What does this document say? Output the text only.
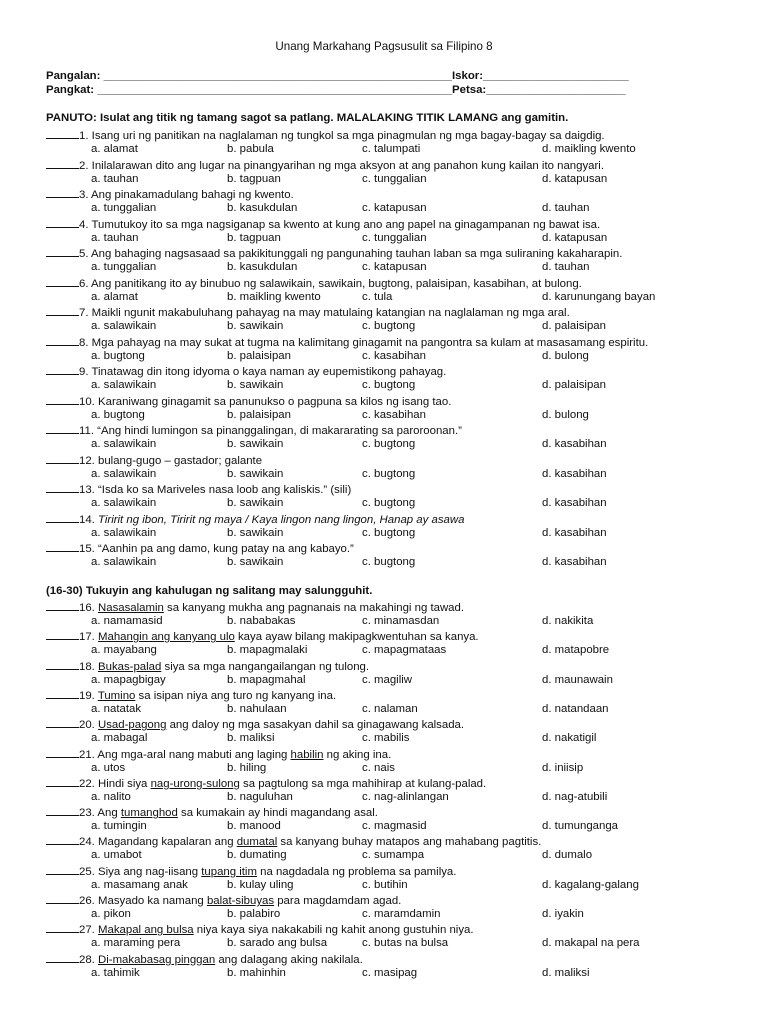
Unang Markahang Pagsusulit sa Filipino 8
Pangalan: _______________________________________________________Iskor:_______________________
Pangkat: ________________________________________________________Petsa:______________________
PANUTO: Isulat ang titik ng tamang sagot sa patlang. MALALAKING TITIK LAMANG ang gamitin.
1. Isang uri ng panitikan na naglalaman ng tungkol sa mga pinagmulan ng mga bagay-bagay sa daigdig.
a. alamat	b. pabula	c. talumpati	d. maikling kwento
2. Inilalarawan dito ang lugar na pinangyarihan ng mga aksyon at ang panahon kung kailan ito nangyari.
a. tauhan	b. tagpuan	c. tunggalian	d. katapusan
3. Ang pinakamadulang bahagi ng kwento.
a. tunggalian	b. kasukdulan	c. katapusan	d. tauhan
4. Tumutukoy ito sa mga nagsiganap sa kwento at kung ano ang papel na ginagampanan ng bawat isa.
a. tauhan	b. tagpuan	c. tunggalian	d. katapusan
5. Ang bahaging nagsasaad sa pakikitunggali ng pangunahing tauhan laban sa mga suliraning kakaharapin.
a. tunggalian	b. kasukdulan	c. katapusan	d. tauhan
6. Ang panitikang ito ay binubuo ng salawikain, sawikain, bugtong, palaisipan, kasabihan, at bulong.
a. alamat	b. maikling kwento	c. tula	d. karunungang bayan
7. Maikli ngunit makabuluhang pahayag na may matulaing katangian na naglalaman ng mga aral.
a. salawikain	b. sawikain	c. bugtong	d. palaisipan
8. Mga pahayag na may sukat at tugma na kalimitang ginagamit na pangontra sa kulam at masasamang espiritu.
a. bugtong	b. palaisipan	c. kasabihan	d. bulong
9. Tinatawag din itong idyoma o kaya naman ay eupemistikong pahayag.
a. salawikain	b. sawikain	c. bugtong	d. palaisipan
10. Karaniwang ginagamit sa panunukso o pagpuna sa kilos ng isang tao.
a. bugtong	b. palaisipan	c. kasabihan	d. bulong
11. “Ang hindi lumingon sa pinanggalingan, di makararating sa paroroonan.”
a. salawikain	b. sawikain	c. bugtong	d. kasabihan
12. bulang-gugo – gastador; galante
a. salawikain	b. sawikain	c. bugtong	d. kasabihan
13. “Isda ko sa Mariveles nasa loob ang kaliskis.” (sili)
a. salawikain	b. sawikain	c. bugtong	d. kasabihan
14. Tiririt ng ibon, Tiririt ng maya / Kaya lingon nang lingon, Hanap ay asawa
a. salawikain	b. sawikain	c. bugtong	d. kasabihan
15. “Aanhin pa ang damo, kung patay na ang kabayo.”
a. salawikain	b. sawikain	c. bugtong	d. kasabihan
(16-30) Tukuyin ang kahulugan ng salitang may salungguhit.
16. Nasasalamin sa kanyang mukha ang pagnanais na makahingi ng tawad.
a. namamasid	b. nababakas	c. minamasdan	d. nakikita
17. Mahangin ang kanyang ulo kaya ayaw bilang makipagkwentuhan sa kanya.
a. mayabang	b. mapagmalaki	c. mapagmataas	d. matapobre
18. Bukas-palad siya sa mga nangangailangan ng tulong.
a. mapagbigay	b. mapagmahal	c. magiliw	d. maunawain
19. Tumino sa isipan niya ang turo ng kanyang ina.
a. natatak	b. nahulaan	c. nalaman	d. natandaan
20. Usad-pagong ang daloy ng mga sasakyan dahil sa ginagawang kalsada.
a. mabagal	b. maliksi	c. mabilis	d. nakatigil
21. Ang mga-aral nang mabuti ang laging habilin ng aking ina.
a. utos	b. hiling	c. nais	d. iniisip
22. Hindi siya nag-urong-sulong sa pagtulong sa mga mahihirap at kulang-palad.
a. nalito	b. naguluhan	c. nag-alinlangan	d. nag-atubili
23. Ang tumanghod sa kumakain ay hindi magandang asal.
a. tumingin	b. manood	c. magmasid	d. tumunganga
24. Magandang kapalaran ang dumatal sa kanyang buhay matapos ang mahabang pagtitis.
a. umabot	b. dumating	c. sumampa	d. dumalo
25. Siya ang nag-iisang tupang itim na nagdadala ng problema sa pamilya.
a. masamang anak	b. kulay uling	c. butihin	d. kagalang-galang
26. Masyado ka namang balat-sibuyas para magdamdam agad.
a. pikon	b. palabiro	c. maramdamin	d. iyakin
27. Makapal ang bulsa niya kaya siya nakakabili ng kahit anong gustuhin niya.
a. maraming pera	b. sarado ang bulsa	c. butas na bulsa	d. makapal na pera
28. Di-makabasag pinggan ang dalagang aking nakilala.
a. tahimik	b. mahinhin	c. masipag	d. maliksi
